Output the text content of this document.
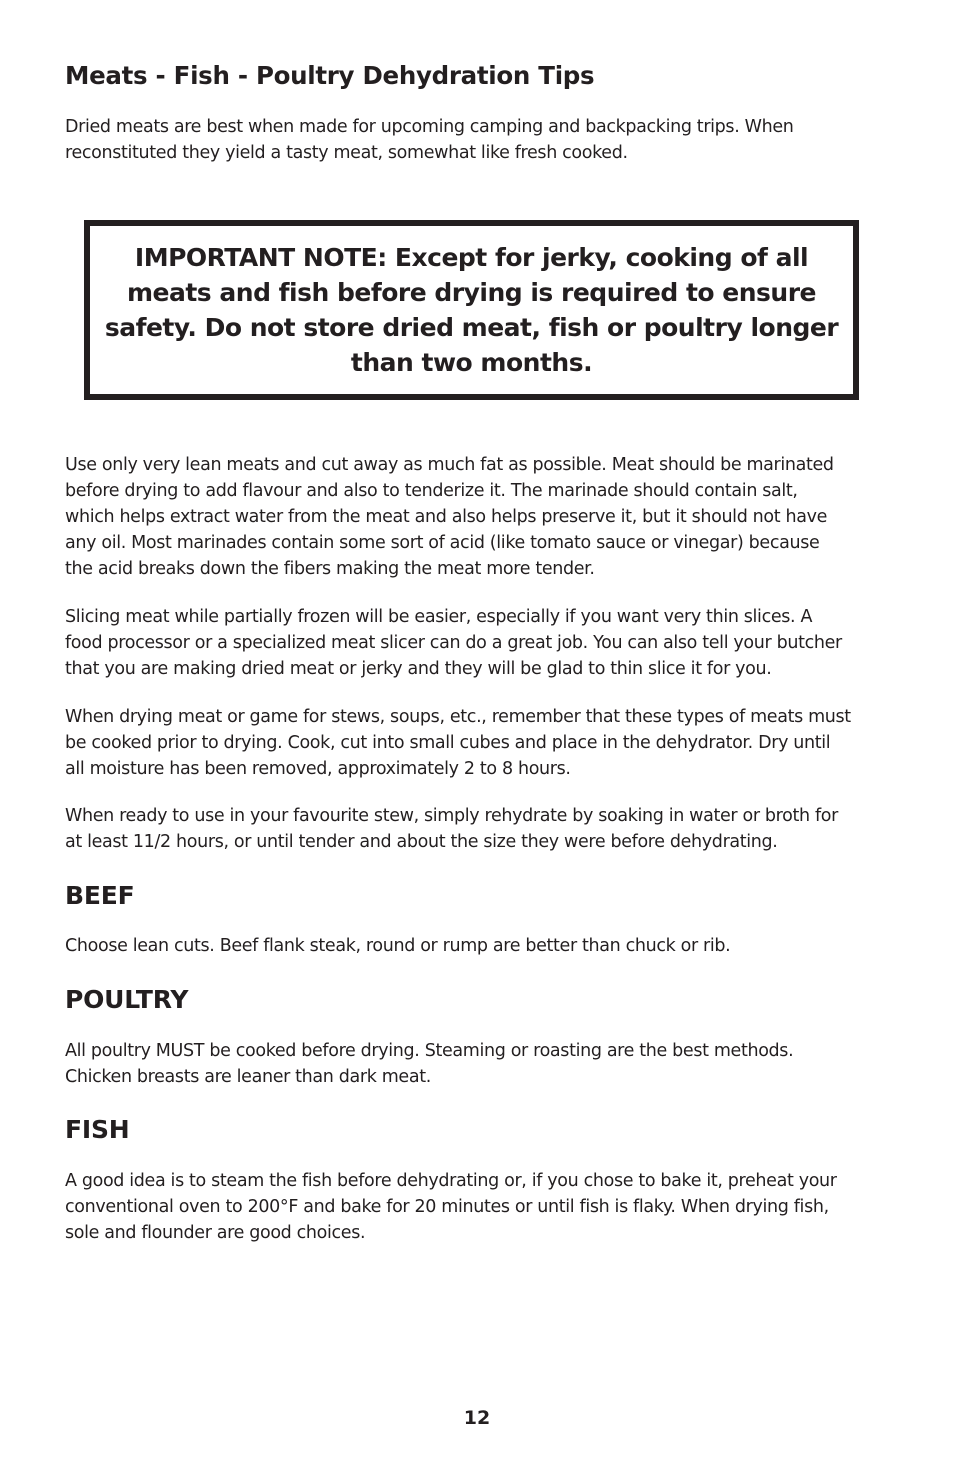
Meats - Fish - Poultry Dehydration Tips

Dried meats are best when made for upcoming camping and backpacking trips. When
reconstituted they yield a tasty meat, somewhat like fresh cooked.

IMPORTANT NOTE: Except for jerky, cooking of all
meats and fish before drying is required to ensure
safety. Do not store dried meat, fish or poultry longer
than two months.

Use only very lean meats and cut away as much fat as possible. Meat should be marinated
before drying to add flavour and also to tenderize it. The marinade should contain salt,
which helps extract water from the meat and also helps preserve it, but it should not have
any oil. Most marinades contain some sort of acid (like tomato sauce or vinegar) because
the acid breaks down the fibers making the meat more tender.

Slicing meat while partially frozen will be easier, especially if you want very thin slices. A
food processor or a specialized meat slicer can do a great job. You can also tell your butcher
that you are making dried meat or jerky and they will be glad to thin slice it for you.

When drying meat or game for stews, soups, etc., remember that these types of meats must
be cooked prior to drying. Cook, cut into small cubes and place in the dehydrator. Dry until
all moisture has been removed, approximately 2 to 8 hours.

When ready to use in your favourite stew, simply rehydrate by soaking in water or broth for
at least 11/2 hours, or until tender and about the size they were before dehydrating.

BEEF

Choose lean cuts. Beef flank steak, round or rump are better than chuck or rib.

POULTRY

All poultry MUST be cooked before drying. Steaming or roasting are the best methods.
Chicken breasts are leaner than dark meat.

FISH

A good idea is to steam the fish before dehydrating or, if you chose to bake it, preheat your
conventional oven to 200°F and bake for 20 minutes or until fish is flaky. When drying fish,
sole and flounder are good choices.

12
